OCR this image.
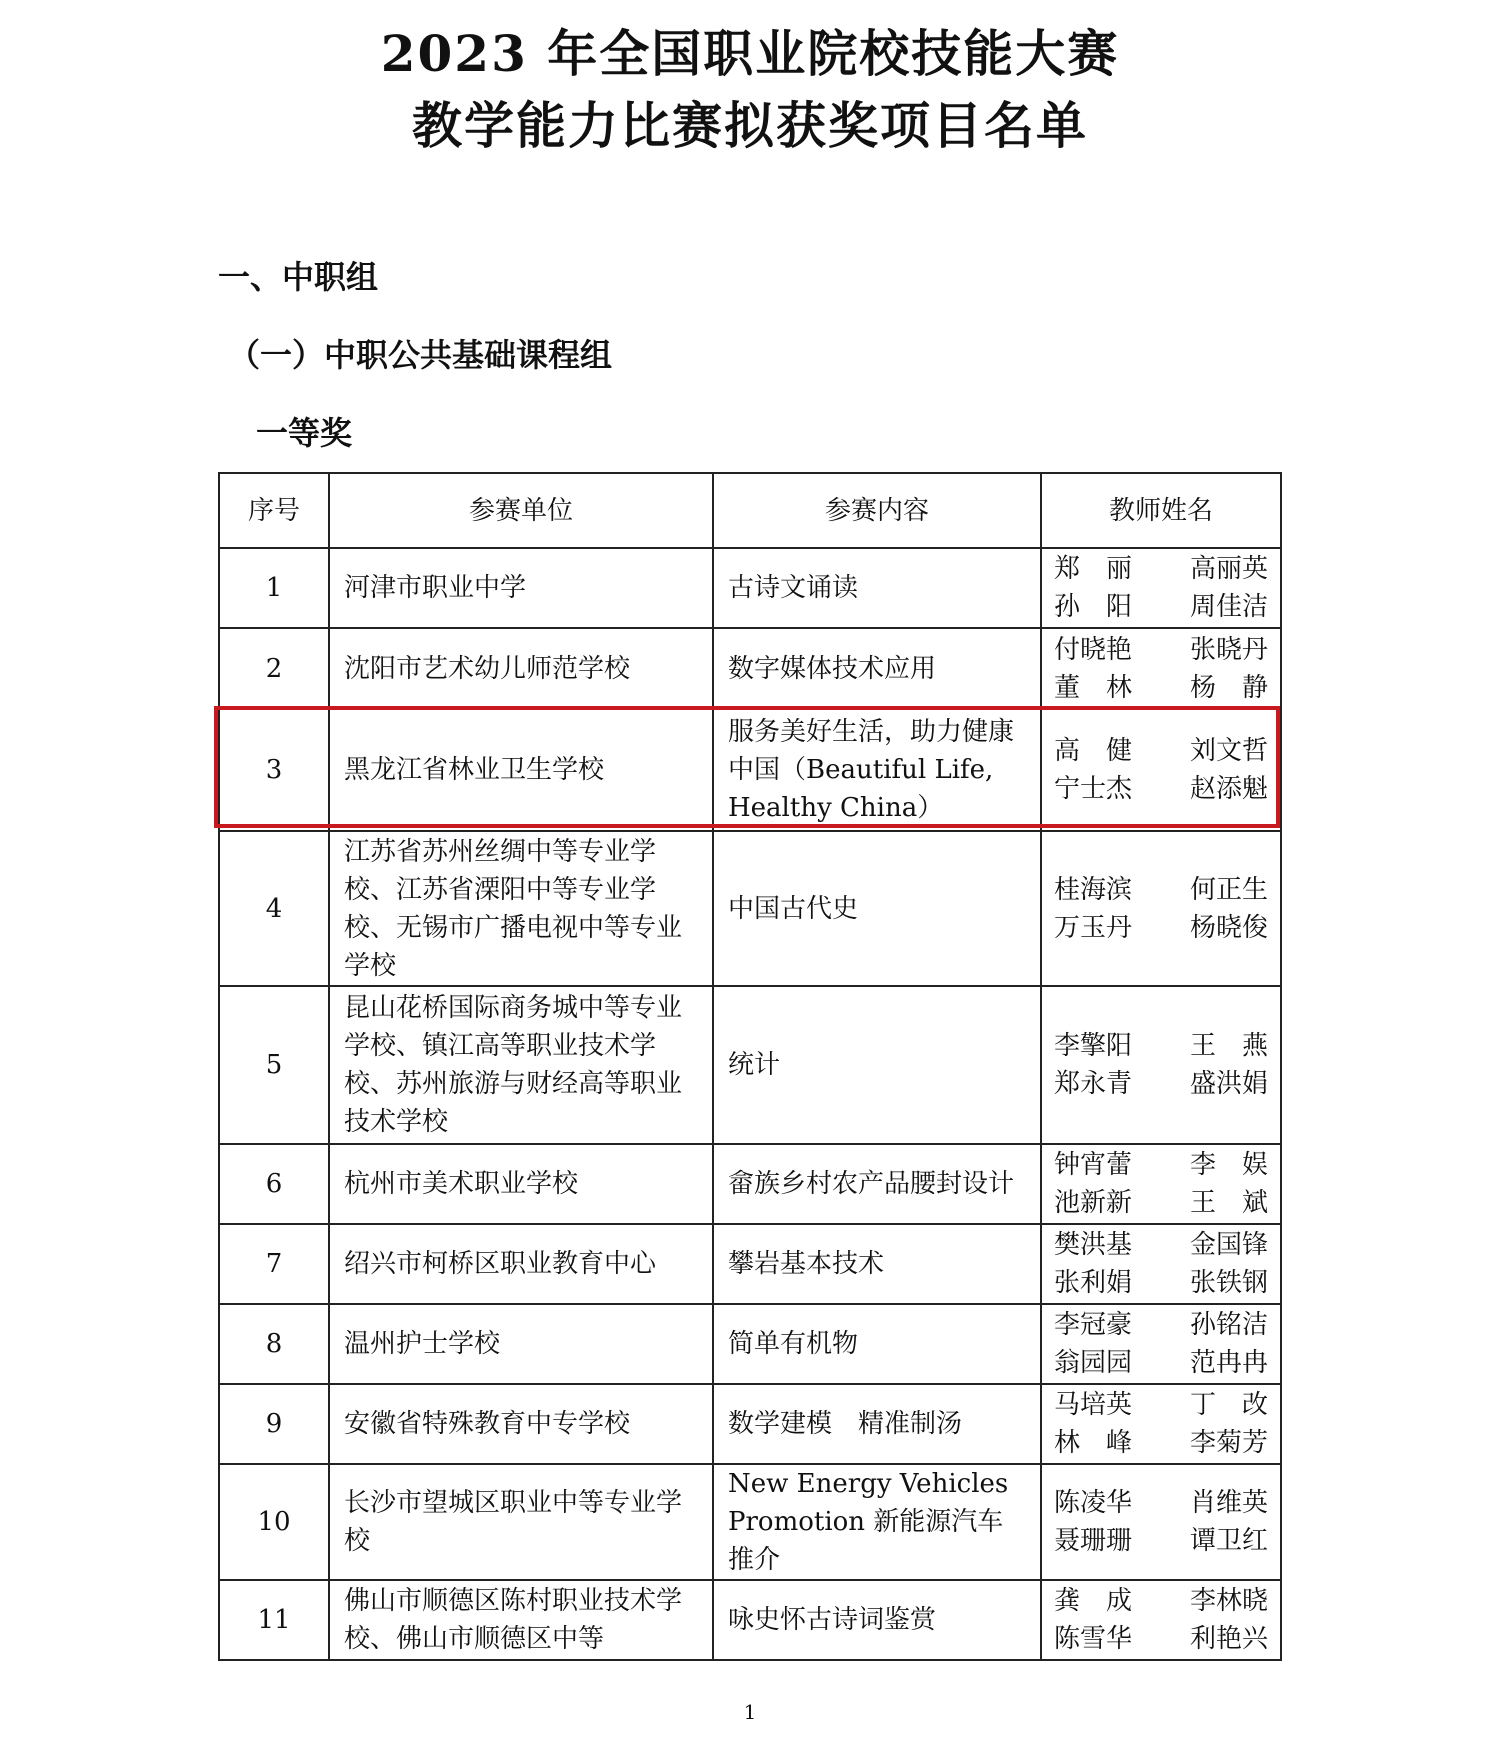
2023 年全国职业院校技能大赛
教学能力比赛拟获奖项目名单
一、中职组
（一）中职公共基础课程组
一等奖
序号	参赛单位	参赛内容	教师姓名
1	河津市职业中学	古诗文诵读	郑　丽 高丽英
孙　阳 周佳洁

2	沈阳市艺术幼儿师范学校	数字媒体技术应用	付晓艳 张晓丹
董　林 杨　静

3	黑龙江省林业卫生学校	服务美好生活，助力健康中国（Beautiful Life, Healthy China）	高　健 刘文哲
宁士杰 赵添魁

4	江苏省苏州丝绸中等专业学校、江苏省溧阳中等专业学校、无锡市广播电视中等专业学校	中国古代史	桂海滨 何正生
万玉丹 杨晓俊

5	昆山花桥国际商务城中等专业学校、镇江高等职业技术学校、苏州旅游与财经高等职业技术学校	统计	李擎阳 王　燕
郑永青 盛洪娟

6	杭州市美术职业学校	畲族乡村农产品腰封设计	钟宵蕾 李　娱
池新新 王　斌

7	绍兴市柯桥区职业教育中心	攀岩基本技术	樊洪基 金国锋
张利娟 张铁钢

8	温州护士学校	简单有机物	李冠豪 孙铭洁
翁园园 范冉冉

9	安徽省特殊教育中专学校	数学建模　精准制汤	马培英 丁　改
林　峰 李菊芳

10	长沙市望城区职业中等专业学校	New Energy Vehicles Promotion 新能源汽车推介	陈凌华 肖维英
聂珊珊 谭卫红

11	佛山市顺德区陈村职业技术学校、佛山市顺德区中等	咏史怀古诗词鉴赏	龚　成 李林晓
陈雪华 利艳兴
1
